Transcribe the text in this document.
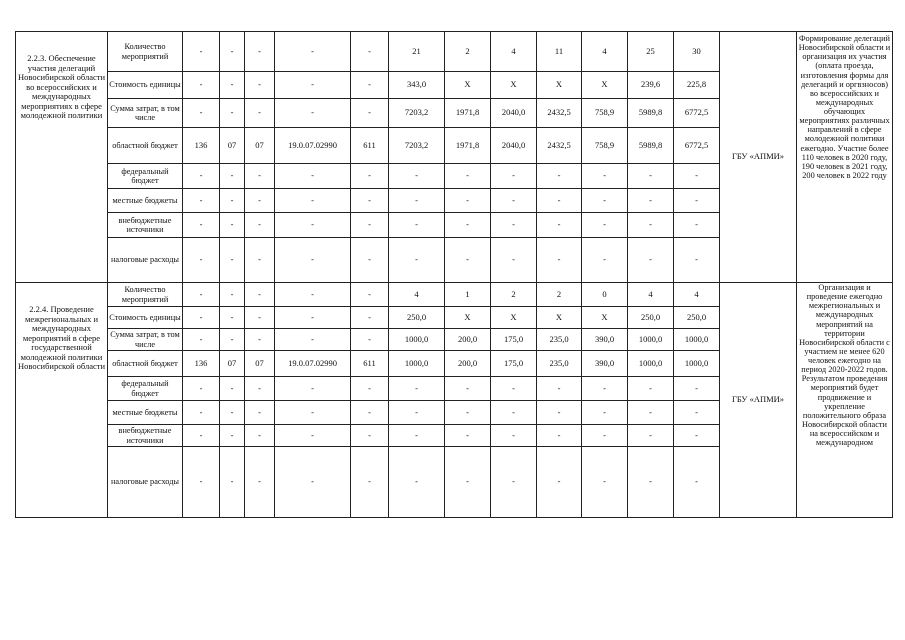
2.2.3. Обеспечение участия делегаций Новосибирской области во всероссийских и международных мероприятиях в сфере молодежной политики	Количество мероприятий	-	-	-	-	-	21	2	4	11	4	25	30	ГБУ «АПМИ»	Формирование делегаций Новосибирской области и организация их участия (оплата проезда, изготовления формы для делегаций и оргвзносов) во всероссийских и международных обучающих мероприятиях различных направлений в сфере молодежной политики ежегодно. Участие более 110 человек в 2020 году, 190 человек в 2021 году, 200 человек в 2022 году
	Стоимость единицы	-	-	-	-	-	343,0	X	X	X	X	239,6	225,8		
	Сумма затрат, в том числе	-	-	-	-	-	7203,2	1971,8	2040,0	2432,5	758,9	5989,8	6772,5		
	областной бюджет	136	07	07	19.0.07.02990	611	7203,2	1971,8	2040,0	2432,5	758,9	5989,8	6772,5		
	федеральный бюджет	-	-	-	-	-	-	-	-	-	-	-	-		
	местные бюджеты	-	-	-	-	-	-	-	-	-	-	-	-		
	внебюджетные источники	-	-	-	-	-	-	-	-	-	-	-	-		
	налоговые расходы	-	-	-	-	-	-	-	-	-	-	-	-		
2.2.4. Проведение межрегиональных и международных мероприятий в сфере государственной молодежной политики Новосибирской области	Количество мероприятий	-	-	-	-	-	4	1	2	2	0	4	4	ГБУ «АПМИ»	Организация и проведение ежегодно межрегиональных и международных мероприятий на территории Новосибирской области с участием не менее 620 человек ежегодно на период 2020-2022 годов. Результатом проведения мероприятий будет продвижение и укрепление положительного образа Новосибирской области на всероссийском и международном
	Стоимость единицы	-	-	-	-	-	250,0	X	X	X	X	250,0	250,0		
	Сумма затрат, в том числе	-	-	-	-	-	1000,0	200,0	175,0	235,0	390,0	1000,0	1000,0		
	областной бюджет	136	07	07	19.0.07.02990	611	1000,0	200,0	175,0	235,0	390,0	1000,0	1000,0		
	федеральный бюджет	-	-	-	-	-	-	-	-	-	-	-	-		
	местные бюджеты	-	-	-	-	-	-	-	-	-	-	-	-		
	внебюджетные источники	-	-	-	-	-	-	-	-	-	-	-	-		
	налоговые расходы	-	-	-	-	-	-	-	-	-	-	-	-		
